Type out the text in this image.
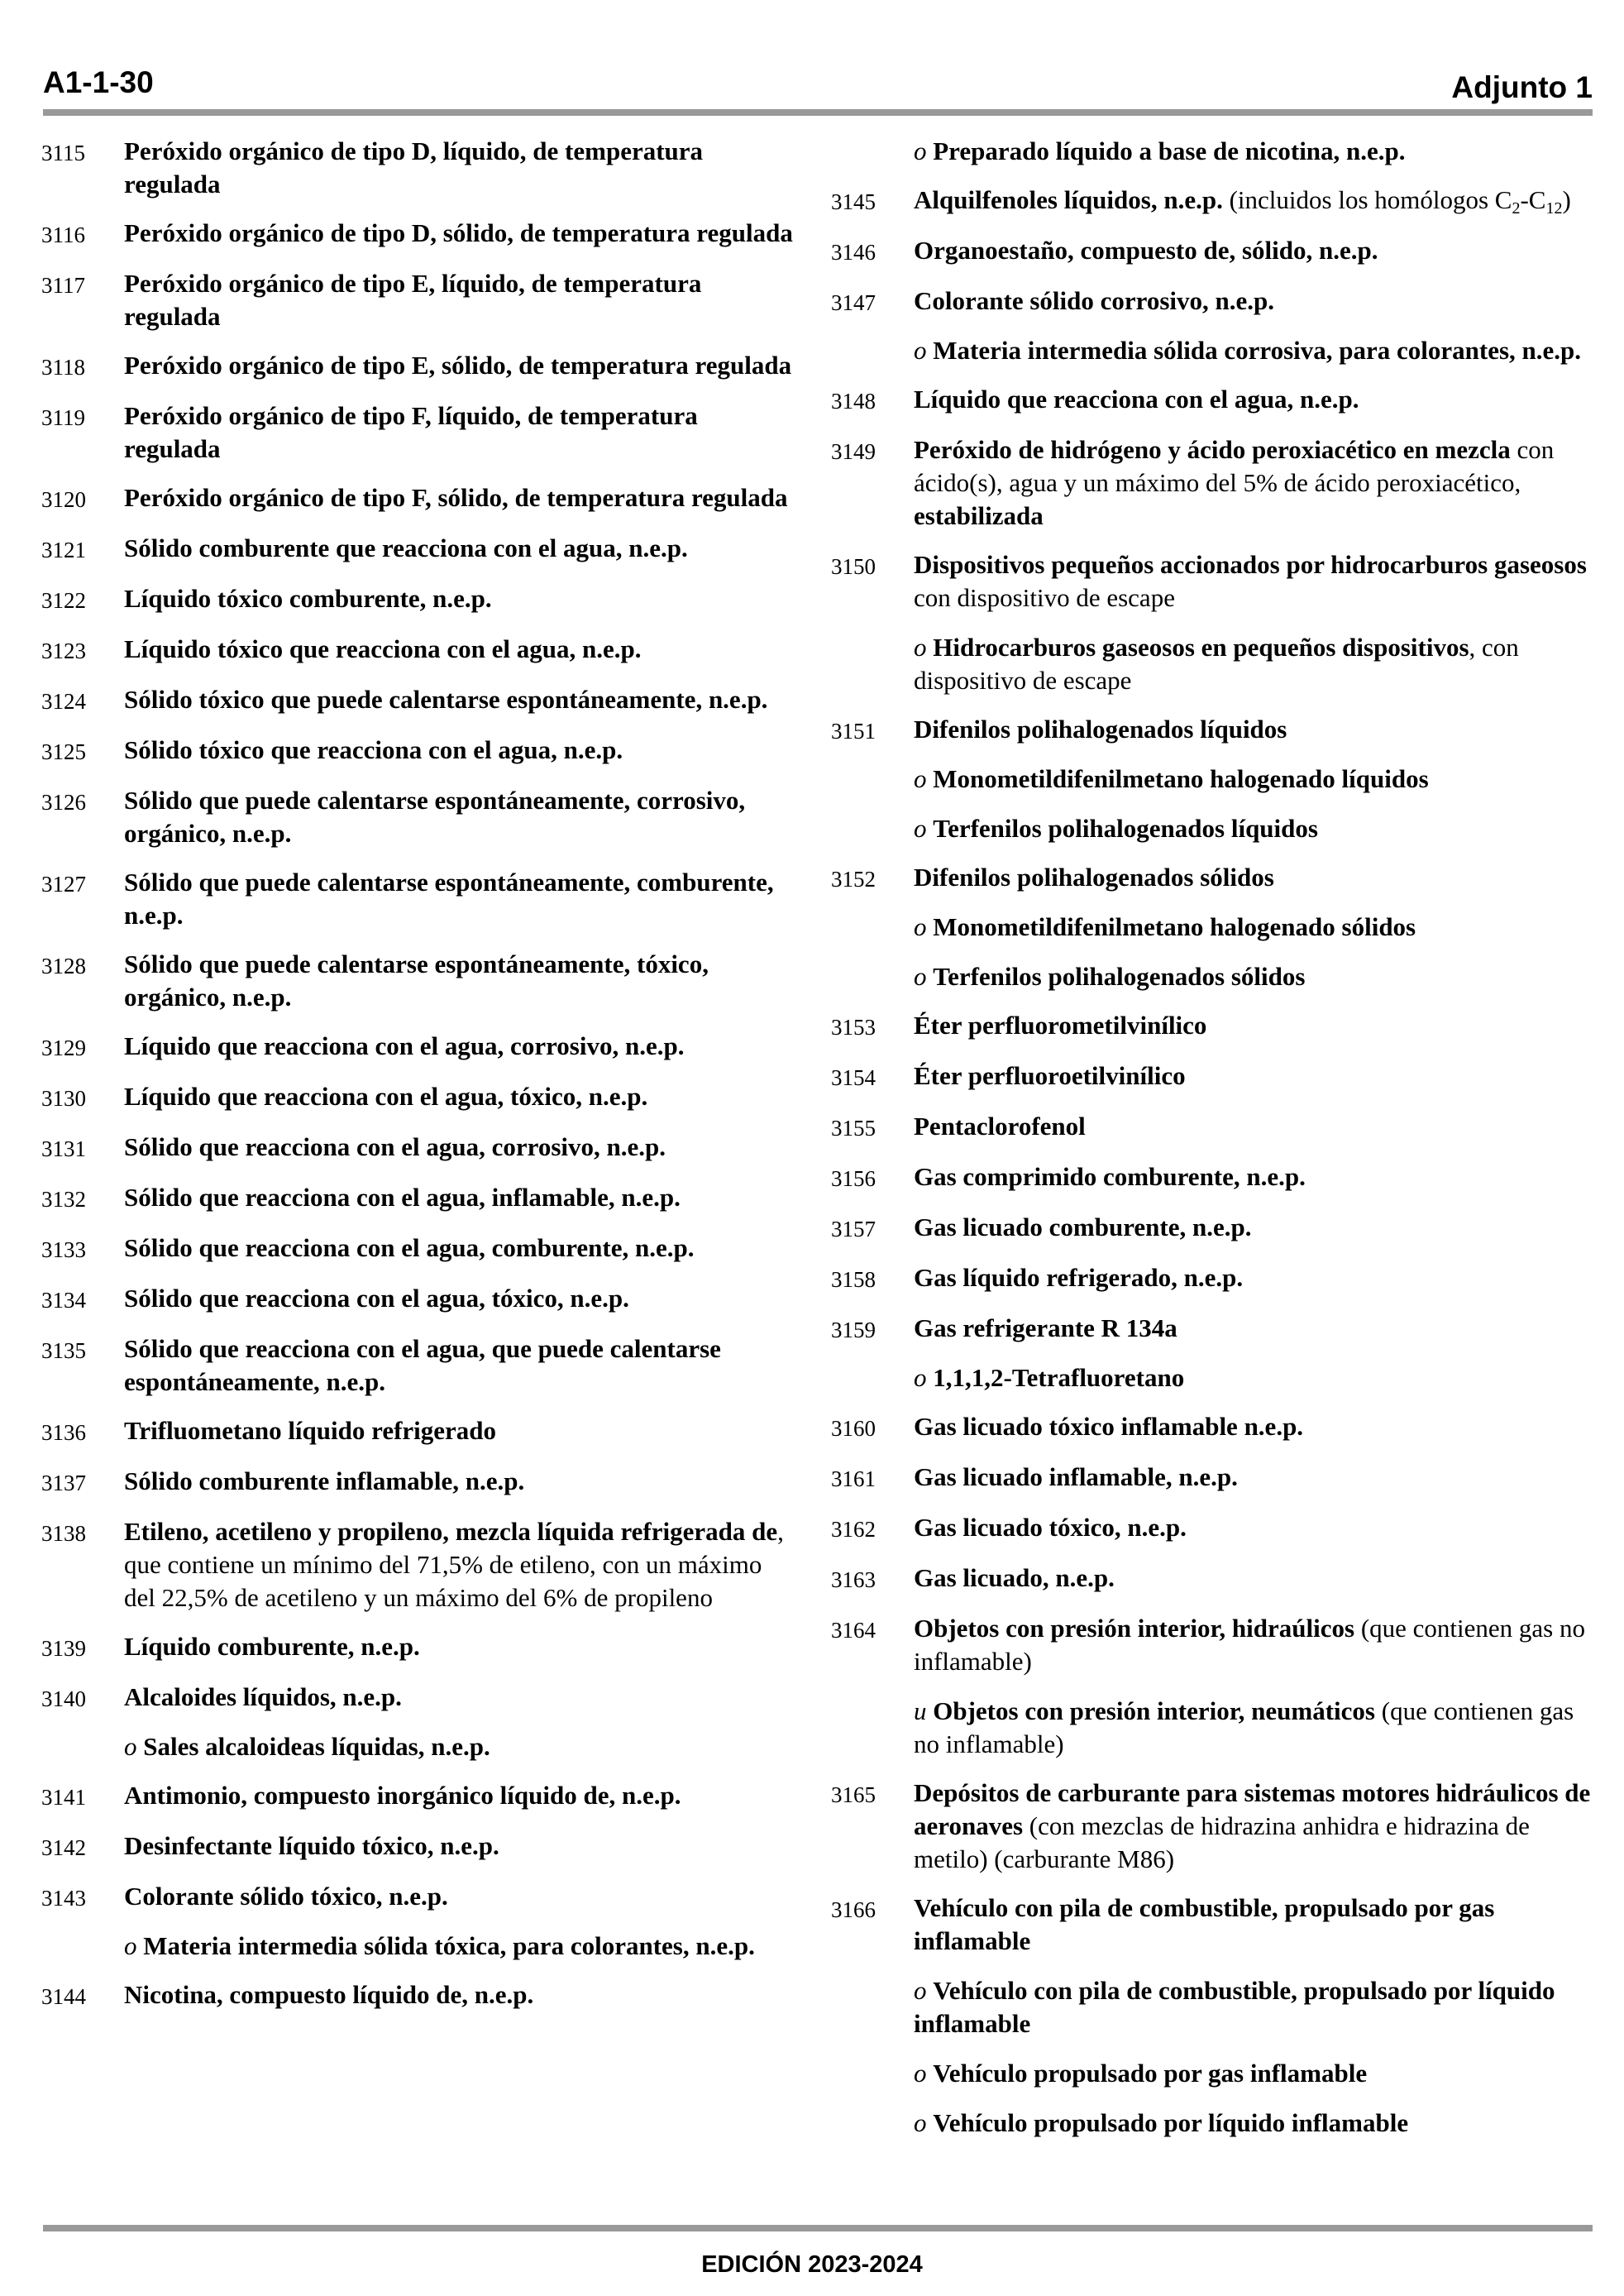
A1-1-30	Adjunto 1
3115	Peróxido orgánico de tipo D, líquido, de temperatura regulada

3116	Peróxido orgánico de tipo D, sólido, de temperatura regulada

3117	Peróxido orgánico de tipo E, líquido, de temperatura regulada

3118	Peróxido orgánico de tipo E, sólido, de temperatura regulada

3119	Peróxido orgánico de tipo F, líquido, de temperatura regulada

3120	Peróxido orgánico de tipo F, sólido, de temperatura regulada

3121	Sólido comburente que reacciona con el agua, n.e.p.

3122	Líquido tóxico comburente, n.e.p.

3123	Líquido tóxico que reacciona con el agua, n.e.p.

3124	Sólido tóxico que puede calentarse espontáneamente, n.e.p.

3125	Sólido tóxico que reacciona con el agua, n.e.p.

3126	Sólido que puede calentarse espontáneamente, corrosivo, orgánico, n.e.p.

3127	Sólido que puede calentarse espontáneamente, comburente, n.e.p.

3128	Sólido que puede calentarse espontáneamente, tóxico, orgánico, n.e.p.

3129	Líquido que reacciona con el agua, corrosivo, n.e.p.

3130	Líquido que reacciona con el agua, tóxico, n.e.p.

3131	Sólido que reacciona con el agua, corrosivo, n.e.p.

3132	Sólido que reacciona con el agua, inflamable, n.e.p.

3133	Sólido que reacciona con el agua, comburente, n.e.p.

3134	Sólido que reacciona con el agua, tóxico, n.e.p.

3135	Sólido que reacciona con el agua, que puede calentarse espontáneamente, n.e.p.

3136	Trifluometano líquido refrigerado

3137	Sólido comburente inflamable, n.e.p.

3138	Etileno, acetileno y propileno, mezcla líquida refrigerada de, que contiene un mínimo del 71,5% de etileno, con un máximo del 22,5% de acetileno y un máximo del 6% de propileno

3139	Líquido comburente, n.e.p.

3140	Alcaloides líquidos, n.e.p.

o Sales alcaloideas líquidas, n.e.p.

3141	Antimonio, compuesto inorgánico líquido de, n.e.p.

3142	Desinfectante líquido tóxico, n.e.p.

3143	Colorante sólido tóxico, n.e.p.

o Materia intermedia sólida tóxica, para colorantes, n.e.p.

3144	Nicotina, compuesto líquido de, n.e.p.

o Preparado líquido a base de nicotina, n.e.p.

3145	Alquilfenoles líquidos, n.e.p. (incluidos los homólogos $C_2-C_{12}$)

3146	Organoestaño, compuesto de, sólido, n.e.p.

3147	Colorante sólido corrosivo, n.e.p.

o Materia intermedia sólida corrosiva, para colorantes, n.e.p.

3148	Líquido que reacciona con el agua, n.e.p.

3149	Peróxido de hidrógeno y ácido peroxiacético en mezcla con ácido(s), agua y un máximo del 5% de ácido peroxiacético, estabilizada

3150	Dispositivos pequeños accionados por hidrocarburos gaseosos con dispositivo de escape

o Hidrocarburos gaseosos en pequeños dispositivos, con dispositivo de escape

3151	Difenilos polihalogenados líquidos

o Monometildifenilmetano halogenado líquidos

o Terfenilos polihalogenados líquidos

3152	Difenilos polihalogenados sólidos

o Monometildifenilmetano halogenado sólidos

o Terfenilos polihalogenados sólidos

3153	Éter perfluorometilvinílico

3154	Éter perfluoroetilvinílico

3155	Pentaclorofenol

3156	Gas comprimido comburente, n.e.p.

3157	Gas licuado comburente, n.e.p.

3158	Gas líquido refrigerado, n.e.p.

3159	Gas refrigerante R 134a

o 1,1,1,2-Tetrafluoretano

3160	Gas licuado tóxico inflamable n.e.p.

3161	Gas licuado inflamable, n.e.p.

3162	Gas licuado tóxico, n.e.p.

3163	Gas licuado, n.e.p.

3164	Objetos con presión interior, hidraúlicos (que contienen gas no inflamable)

u Objetos con presión interior, neumáticos (que contienen gas no inflamable)

3165	Depósitos de carburante para sistemas motores hidráulicos de aeronaves (con mezclas de hidrazina anhidra e hidrazina de metilo) (carburante M86)

3166	Vehículo con pila de combustible, propulsado por gas inflamable

o Vehículo con pila de combustible, propulsado por líquido inflamable

o Vehículo propulsado por gas inflamable

o Vehículo propulsado por líquido inflamable

EDICIÓN 2023-2024
